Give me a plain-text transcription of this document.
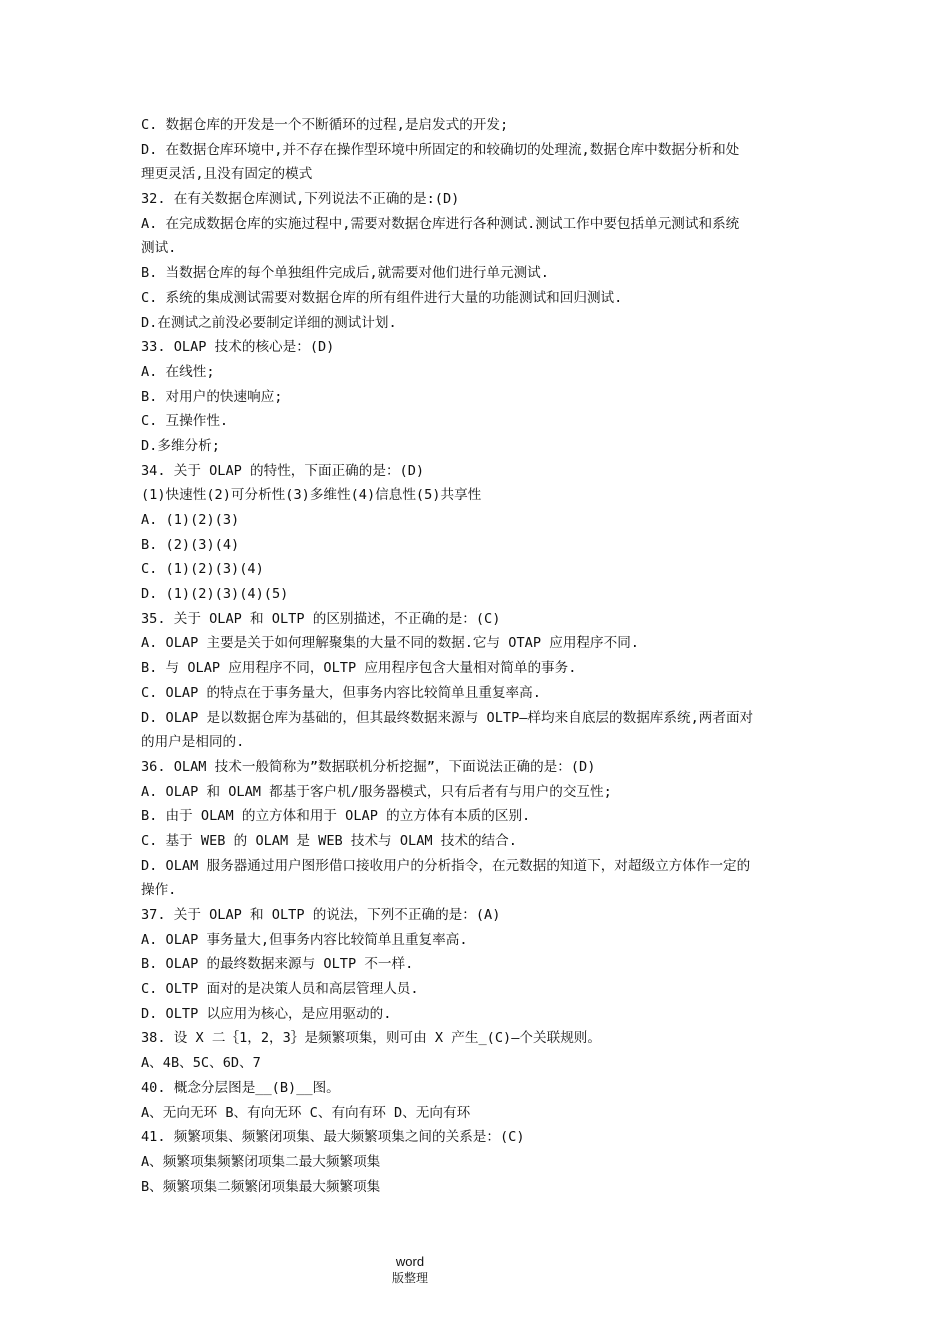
C. 数据仓库的开发是一个不断循环的过程,是启发式的开发;
D. 在数据仓库环境中,并不存在操作型环境中所固定的和较确切的处理流,数据仓库中数据分析和处
理更灵活,且没有固定的模式
32. 在有关数据仓库测试,下列说法不正确的是:(D)
A. 在完成数据仓库的实施过程中,需要对数据仓库进行各种测试.测试工作中要包括单元测试和系统
测试.
B. 当数据仓库的每个单独组件完成后,就需要对他们进行单元测试.
C. 系统的集成测试需要对数据仓库的所有组件进行大量的功能测试和回归测试.
D.在测试之前没必要制定详细的测试计划.
33. OLAP 技术的核心是：(D)
A. 在线性;
B. 对用户的快速响应;
C. 互操作性.
D.多维分析;
34. 关于 OLAP 的特性，下面正确的是：(D)
(1)快速性(2)可分析性(3)多维性(4)信息性(5)共享性
A. (1)(2)(3)
B. (2)(3)(4)
C. (1)(2)(3)(4)
D. (1)(2)(3)(4)(5)
35. 关于 OLAP 和 OLTP 的区别描述，不正确的是：(C)
A. OLAP 主要是关于如何理解聚集的大量不同的数据.它与 OTAP 应用程序不同.
B. 与 OLAP 应用程序不同，OLTP 应用程序包含大量相对简单的事务.
C. OLAP 的特点在于事务量大，但事务内容比较简单且重复率高.
D. OLAP 是以数据仓库为基础的，但其最终数据来源与 OLTP—样均来自底层的数据库系统,两者面对
的用户是相同的.
36. OLAM 技术一般简称为”数据联机分析挖掘”，下面说法正确的是：(D)
A. OLAP 和 OLAM 都基于客户机/服务器模式，只有后者有与用户的交互性;
B. 由于 OLAM 的立方体和用于 OLAP 的立方体有本质的区别.
C. 基于 WEB 的 OLAM 是 WEB 技术与 OLAM 技术的结合.
D. OLAM 服务器通过用户图形借口接收用户的分析指令，在元数据的知道下，对超级立方体作一定的
操作.
37. 关于 OLAP 和 OLTP 的说法，下列不正确的是：(A)
A. OLAP 事务量大,但事务内容比较简单且重复率高.
B. OLAP 的最终数据来源与 OLTP 不一样.
C. OLTP 面对的是决策人员和高层管理人员.
D. OLTP 以应用为核心，是应用驱动的.
38. 设 X 二｛1，2，3｝是频繁项集，则可由 X 产生_(C)—个关联规则。
A、4B、5C、6D、7
40. 概念分层图是__(B)__图。
A、无向无环 B、有向无环 C、有向有环 D、无向有环
41. 频繁项集、频繁闭项集、最大频繁项集之间的关系是：(C)
A、频繁项集频繁闭项集二最大频繁项集
B、频繁项集二频繁闭项集最大频繁项集
word
版整理
